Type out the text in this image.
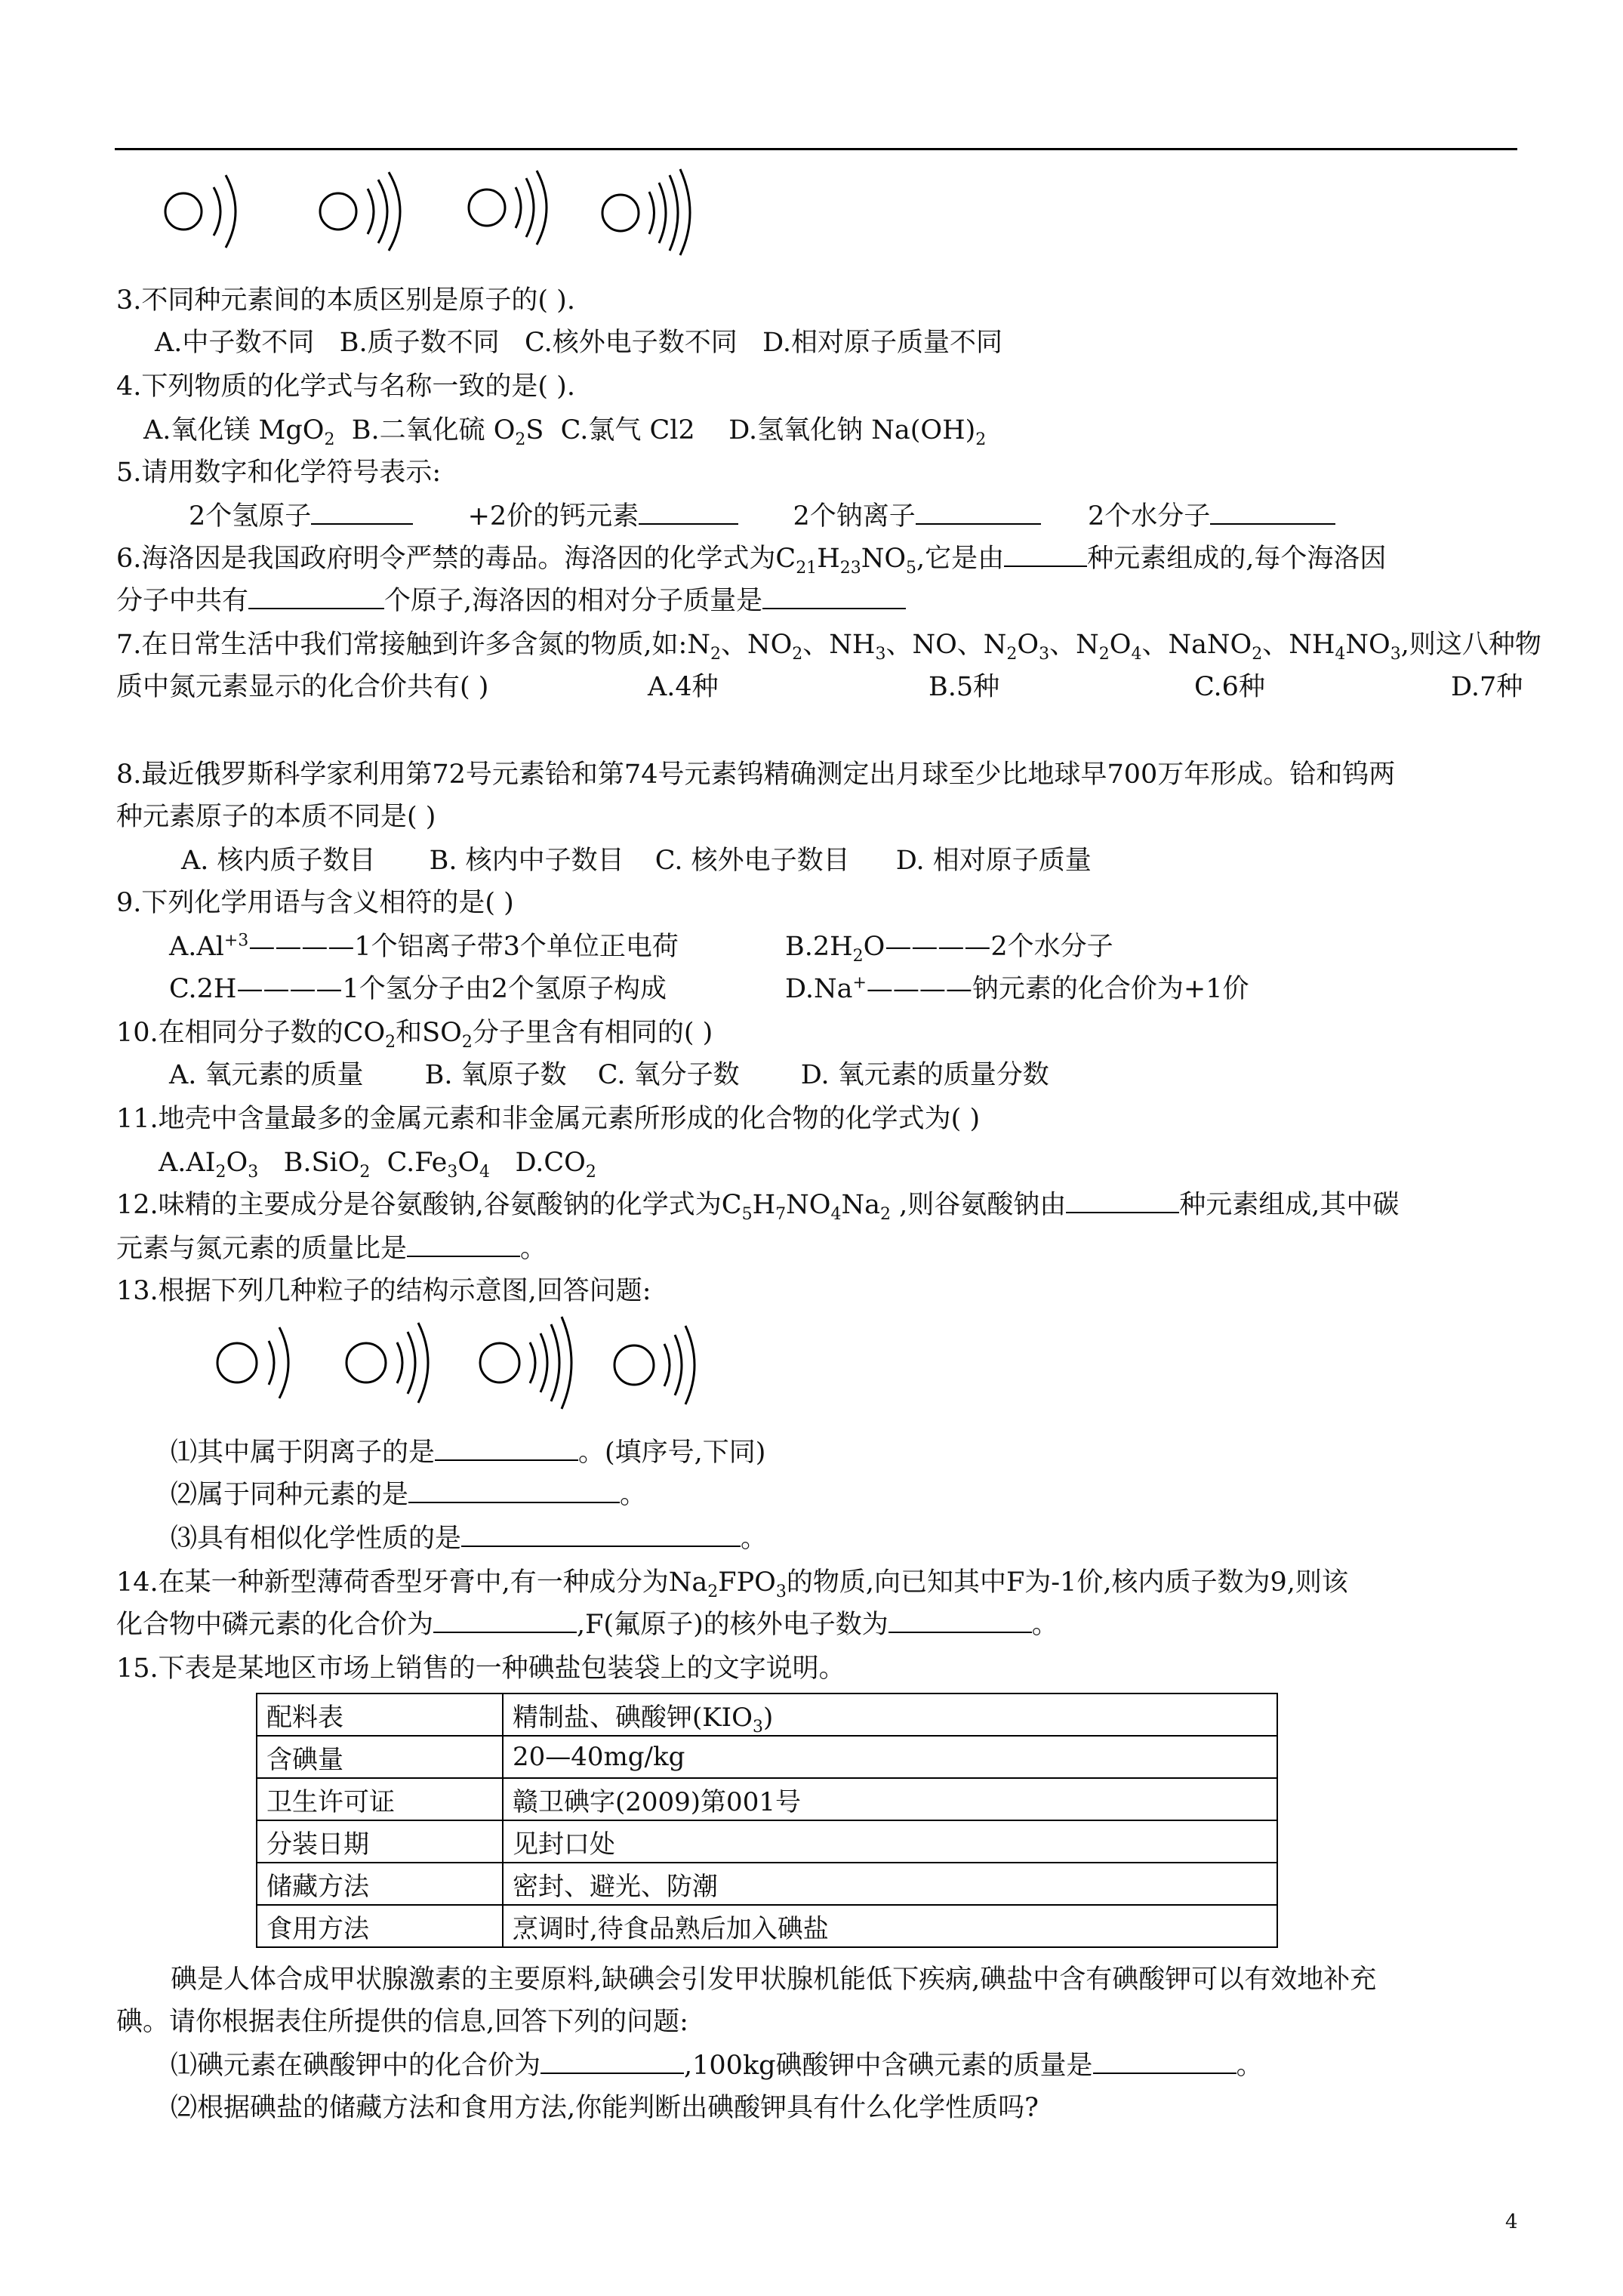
3.不同种元素间的本质区别是原子的( ).
A.中子数不同 B.质子数不同 C.核外电子数不同 D.相对原子质量不同
4.下列物质的化学式与名称一致的是( ).
A.氧化镁 MgO$_2$ B.二氧化硫 $O_2S$ C.氯气 Cl2 D.氢氧化钠 $Na(OH)_2$
5.请用数字和化学符号表示:
2个氢原子	+2价的钙元素	2个钠离子	2个水分子
6.海洛因是我国政府明令严禁的毒品。海洛因的化学式为$C_{21}H_{23}NO_5$,它是由	种元素组成的,每个海洛因
分子中共有	个原子,海洛因的相对分子质量是
7.在日常生活中我们常接触到许多含氮的物质,如$:N_2$、$NO_2$、$NH_3$、NO、$N_2O_3$、$N_2O_4$、NaNO$_2$、$NH_4NO_3$,则这八种物
质中氮元素显示的化合价共有( )	A.4种	B.5种	C.6种	D.7种
8.最近俄罗斯科学家利用第72号元素铪和第74号元素钨精确测定出月球至少比地球早700万年形成。铪和钨两
种元素原子的本质不同是( )
A. 核内质子数目 B. 核内中子数目 C. 核外电子数目 D. 相对原子质量
9.下列化学用语与含义相符的是( )
$A.Al^{+3}————1$个铝离子带3个单位正电荷	$B.2H_2O————2$个水分子
C.2H————1个氢分子由2个氢原子构成	D.Na+————钠元素的化合价为+1价
10.在相同分子数的$CO_2$和$SO_2$分子里含有相同的( )
A. 氧元素的质量 B. 氧原子数 C. 氧分子数 D. 氧元素的质量分数
11.地壳中含量最多的金属元素和非金属元素所形成的化合物的化学式为( )
$A.AI_2O_3$ B.SiO$_2$ $C.Fe_3O_4$ $D.CO_2$
12.味精的主要成分是谷氨酸钠,谷氨酸钠的化学式为$C_5H_7NO_4Na_2$ ,则谷氨酸钠由	种元素组成,其中碳
元素与氮元素的质量比是	。
13.根据下列几种粒子的结构示意图,回答问题:
⑴其中属于阴离子的是	。(填序号,下同)
⑵属于同种元素的是	。
⑶具有相似化学性质的是	。
14.在某一种新型薄荷香型牙膏中,有一种成分为$Na_2FPO_3$的物质,向已知其中F为-1价,核内质子数为9,则该
化合物中磷元素的化合价为	,F(氟原子)的核外电子数为	。
15.下表是某地区市场上销售的一种碘盐包装袋上的文字说明。
配料表	精制盐、碘酸钾$(KIO_3)$
含碘量	20—40mg/kg
卫生许可证	赣卫碘字(2009)第001号
分装日期	见封口处
储藏方法	密封、避光、防潮
食用方法	烹调时,待食品熟后加入碘盐
碘是人体合成甲状腺激素的主要原料,缺碘会引发甲状腺机能低下疾病,碘盐中含有碘酸钾可以有效地补充
碘。请你根据表住所提供的信息,回答下列的问题:
⑴碘元素在碘酸钾中的化合价为	,100kg碘酸钾中含碘元素的质量是	。
⑵根据碘盐的储藏方法和食用方法,你能判断出碘酸钾具有什么化学性质吗?
4
